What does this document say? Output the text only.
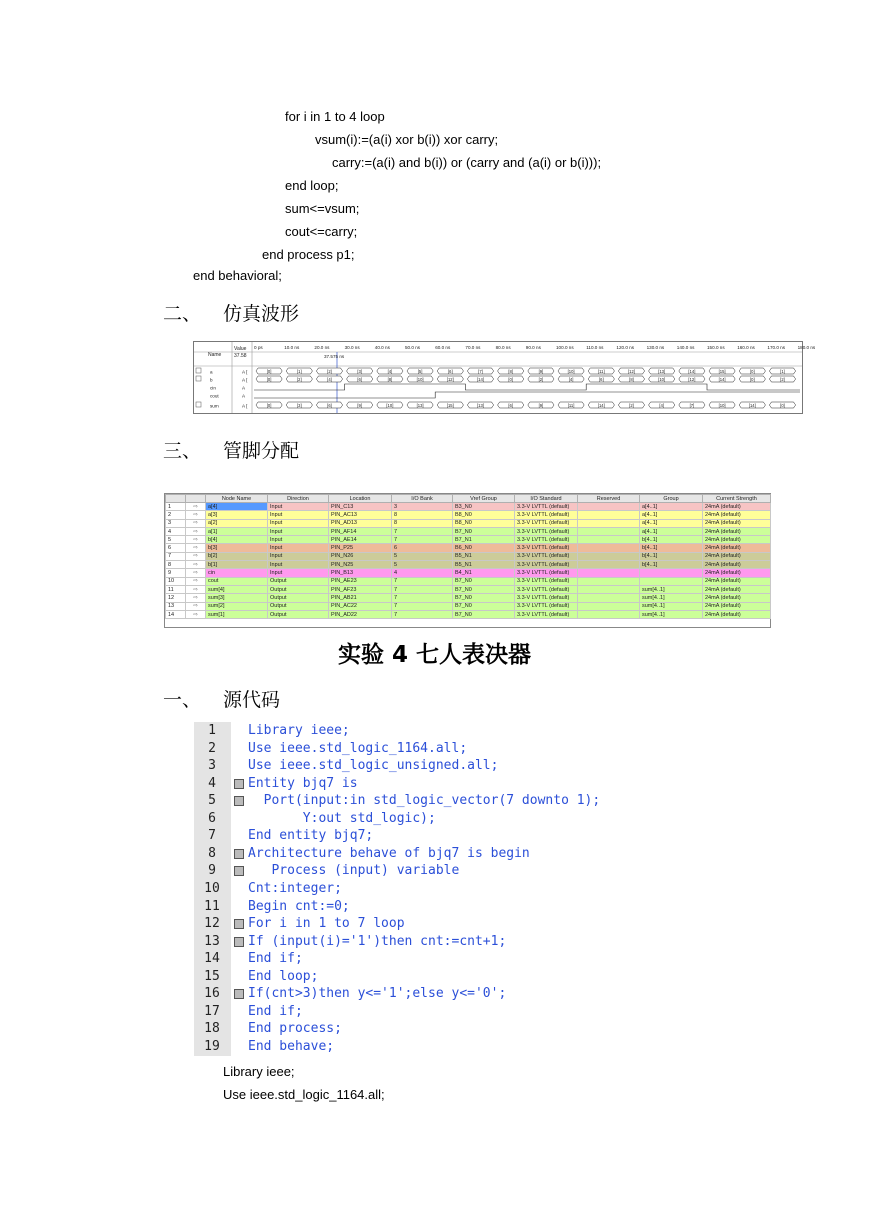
for i in 1 to 4 loop
vsum(i):=(a(i) xor b(i)) xor carry;
carry:=(a(i) and b(i)) or (carry and (a(i) or b(i)));
end loop;
sum<=vsum;
cout<=carry;
end process p1;
end behavioral;
二、 仿真波形
Name
Value
37.58
0 ps	10.0 ns	20.0 ns	30.0 ns	40.0 ns	50.0 ns	60.0 ns	70.0 ns	80.0 ns	90.0 ns	100.0 ns	110.0 ns	120.0 ns	130.0 ns	140.0 ns	150.0 ns	160.0 ns	170.0 ns	180.0 ns
37.575 ns
a	A [	[0]	[1]	[2]	[3]	[4]	[5]	[6]	[7]	[8]	[9]	[10]	[11]	[12]	[13]	[14]	[15]	[0]	[1]
b	A [	[0]	[2]	[4]	[6]	[8]	[10]	[12]	[14]	[0]	[2]	[4]	[6]	[8]	[10]	[12]	[14]	[0]	[2]
cin	A
cout	A
sum	A [	[0]	[3]	[6]	[9]	[10]	[13]	[15]	[13]	[6]	[9]	[11]	[14]	[2]	[4]	[7]	[10]	[14]	[0]
三、 管脚分配
		Node Name	Direction	Location	I/O Bank	Vref Group	I/O Standard	Reserved	Group	Current Strength
1	⇨	a[4]	Input	PIN_C13	3	B3_N0	3.3-V LVTTL (default)		a[4..1]	24mA (default)
2	⇨	a[3]	Input	PIN_AC13	8	B8_N0	3.3-V LVTTL (default)		a[4..1]	24mA (default)
3	⇨	a[2]	Input	PIN_AD13	8	B8_N0	3.3-V LVTTL (default)		a[4..1]	24mA (default)
4	⇨	a[1]	Input	PIN_AF14	7	B7_N0	3.3-V LVTTL (default)		a[4..1]	24mA (default)
5	⇨	b[4]	Input	PIN_AE14	7	B7_N1	3.3-V LVTTL (default)		b[4..1]	24mA (default)
6	⇨	b[3]	Input	PIN_P25	6	B6_N0	3.3-V LVTTL (default)		b[4..1]	24mA (default)
7	⇨	b[2]	Input	PIN_N26	5	B5_N1	3.3-V LVTTL (default)		b[4..1]	24mA (default)
8	⇨	b[1]	Input	PIN_N25	5	B5_N1	3.3-V LVTTL (default)		b[4..1]	24mA (default)
9	⇨	cin	Input	PIN_B13	4	B4_N1	3.3-V LVTTL (default)			24mA (default)
10	⇨	cout	Output	PIN_AE23	7	B7_N0	3.3-V LVTTL (default)			24mA (default)
11	⇨	sum[4]	Output	PIN_AF23	7	B7_N0	3.3-V LVTTL (default)		sum[4..1]	24mA (default)
12	⇨	sum[3]	Output	PIN_AB21	7	B7_N0	3.3-V LVTTL (default)		sum[4..1]	24mA (default)
13	⇨	sum[2]	Output	PIN_AC22	7	B7_N0	3.3-V LVTTL (default)		sum[4..1]	24mA (default)
14	⇨	sum[1]	Output	PIN_AD22	7	B7_N0	3.3-V LVTTL (default)		sum[4..1]	24mA (default)
实验 4 七人表决器
一、 源代码
1	Library ieee;
2	Use ieee.std_logic_1164.all;
3	Use ieee.std_logic_unsigned.all;
4	Entity bjq7 is
5	Port(input:in std_logic_vector(7 downto 1);
6	Y:out std_logic);
7	End entity bjq7;
8	Architecture behave of bjq7 is begin
9	Process (input) variable
10	Cnt:integer;
11	Begin cnt:=0;
12	For i in 1 to 7 loop
13	If (input(i)='1')then cnt:=cnt+1;
14	End if;
15	End loop;
16	If(cnt>3)then y<='1';else y<='0';
17	End if;
18	End process;
19	End behave;
Library ieee;
Use ieee.std_logic_1164.all;
